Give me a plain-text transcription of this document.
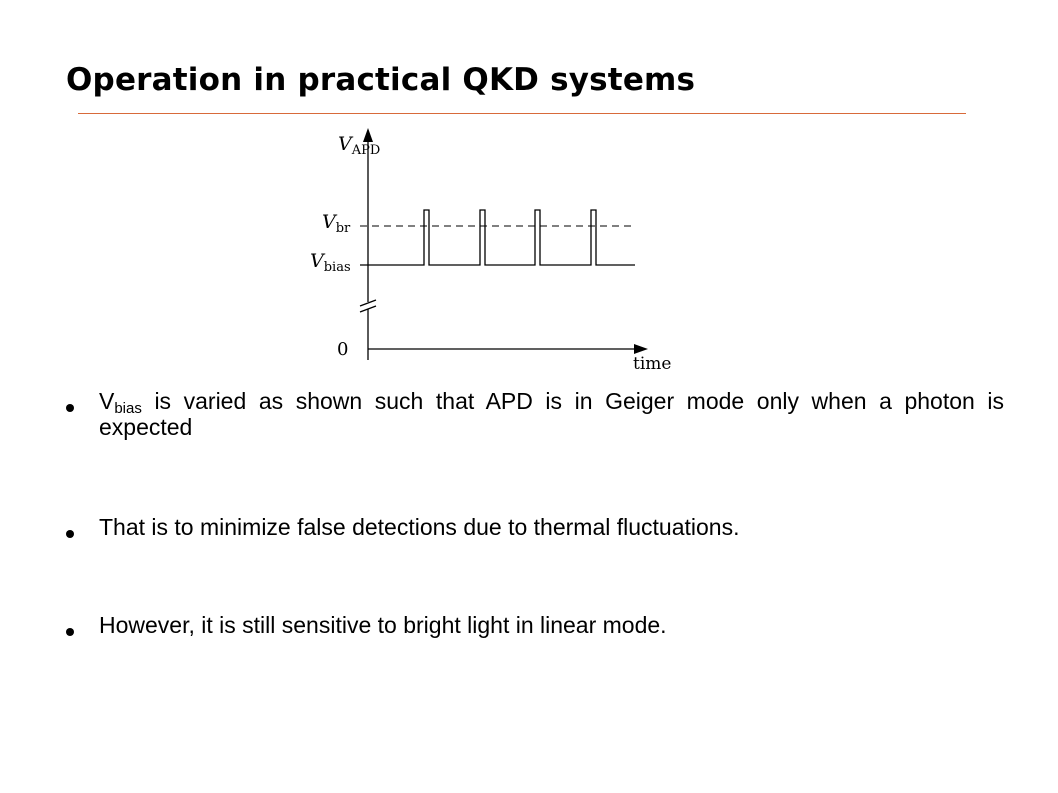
Operation in practical QKD systems
$V_{APD}$
$V_{br}$
$V_{bias}$
0
time
$V_{bias}$ is varied as shown such that APD is in Geiger mode only when a photon is expected
That is to minimize false detections due to thermal fluctuations.
However, it is still sensitive to bright light in linear mode.
